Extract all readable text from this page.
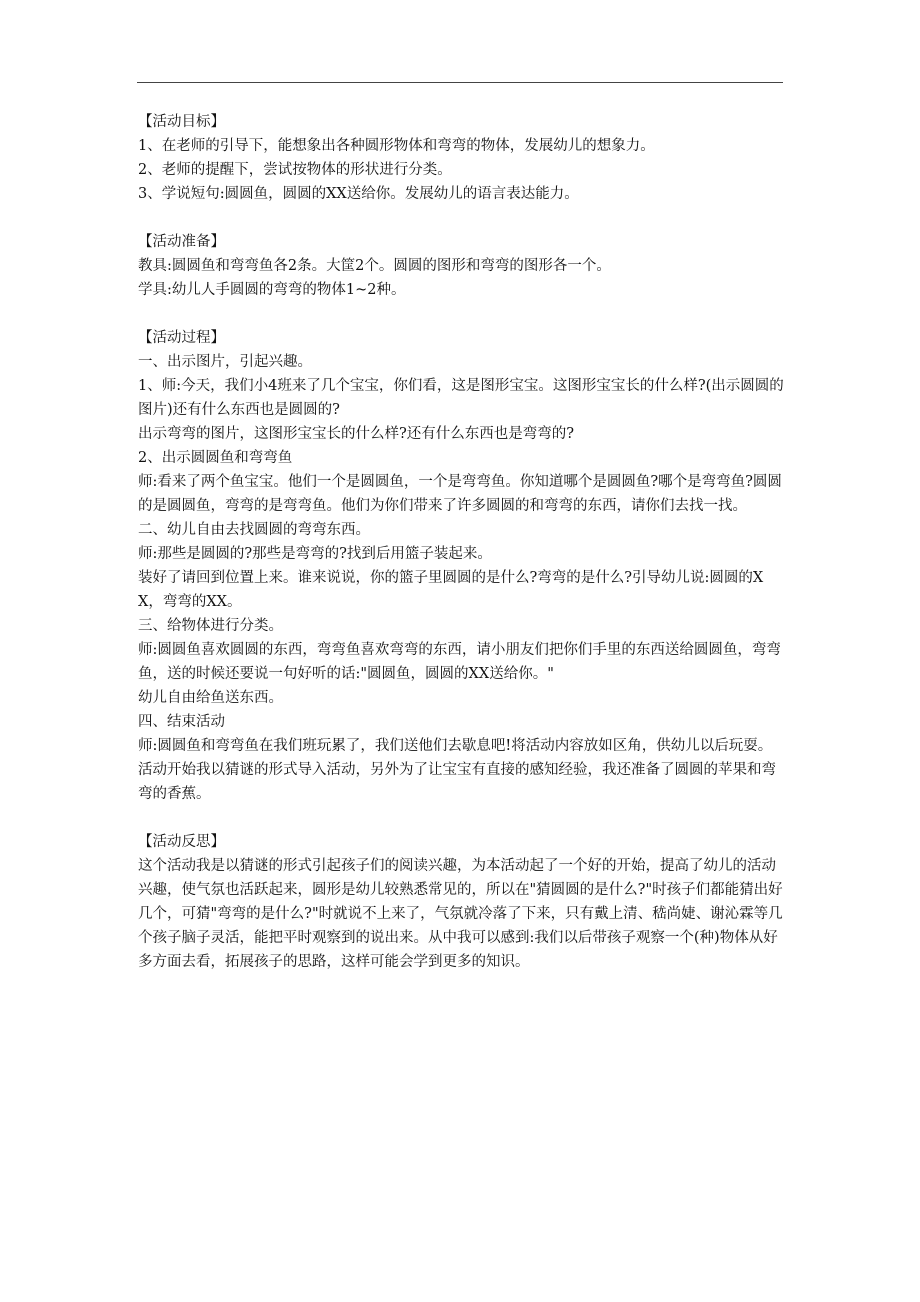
【活动目标】
1、在老师的引导下，能想象出各种圆形物体和弯弯的物体，发展幼儿的想象力。
2、老师的提醒下，尝试按物体的形状进行分类。
3、学说短句:圆圆鱼，圆圆的XX送给你。发展幼儿的语言表达能力。
【活动准备】
教具:圆圆鱼和弯弯鱼各2条。大筐2个。圆圆的图形和弯弯的图形各一个。
学具:幼儿人手圆圆的弯弯的物体1~2种。
【活动过程】
一、出示图片，引起兴趣。
1、师:今天，我们小4班来了几个宝宝，你们看，这是图形宝宝。这图形宝宝长的什么样?(出示圆圆的图片)还有什么东西也是圆圆的?
出示弯弯的图片，这图形宝宝长的什么样?还有什么东西也是弯弯的?
2、出示圆圆鱼和弯弯鱼
师:看来了两个鱼宝宝。他们一个是圆圆鱼，一个是弯弯鱼。你知道哪个是圆圆鱼?哪个是弯弯鱼?圆圆的是圆圆鱼，弯弯的是弯弯鱼。他们为你们带来了许多圆圆的和弯弯的东西，请你们去找一找。
二、幼儿自由去找圆圆的弯弯东西。
师:那些是圆圆的?那些是弯弯的?找到后用篮子装起来。
装好了请回到位置上来。谁来说说，你的篮子里圆圆的是什么?弯弯的是什么?引导幼儿说:圆圆的XX，弯弯的XX。
三、给物体进行分类。
师:圆圆鱼喜欢圆圆的东西，弯弯鱼喜欢弯弯的东西，请小朋友们把你们手里的东西送给圆圆鱼，弯弯鱼，送的时候还要说一句好听的话:"圆圆鱼，圆圆的XX送给你。"
幼儿自由给鱼送东西。
四、结束活动
师:圆圆鱼和弯弯鱼在我们班玩累了，我们送他们去歇息吧!将活动内容放如区角，供幼儿以后玩耍。
活动开始我以猜谜的形式导入活动，另外为了让宝宝有直接的感知经验，我还准备了圆圆的苹果和弯弯的香蕉。
【活动反思】
这个活动我是以猜谜的形式引起孩子们的阅读兴趣，为本活动起了一个好的开始，提高了幼儿的活动兴趣，使气氛也活跃起来，圆形是幼儿较熟悉常见的，所以在"猜圆圆的是什么?"时孩子们都能猜出好几个，可猜"弯弯的是什么?"时就说不上来了，气氛就冷落了下来，只有戴上清、嵇尚婕、谢沁霖等几个孩子脑子灵活，能把平时观察到的说出来。从中我可以感到:我们以后带孩子观察一个(种)物体从好多方面去看，拓展孩子的思路，这样可能会学到更多的知识。
